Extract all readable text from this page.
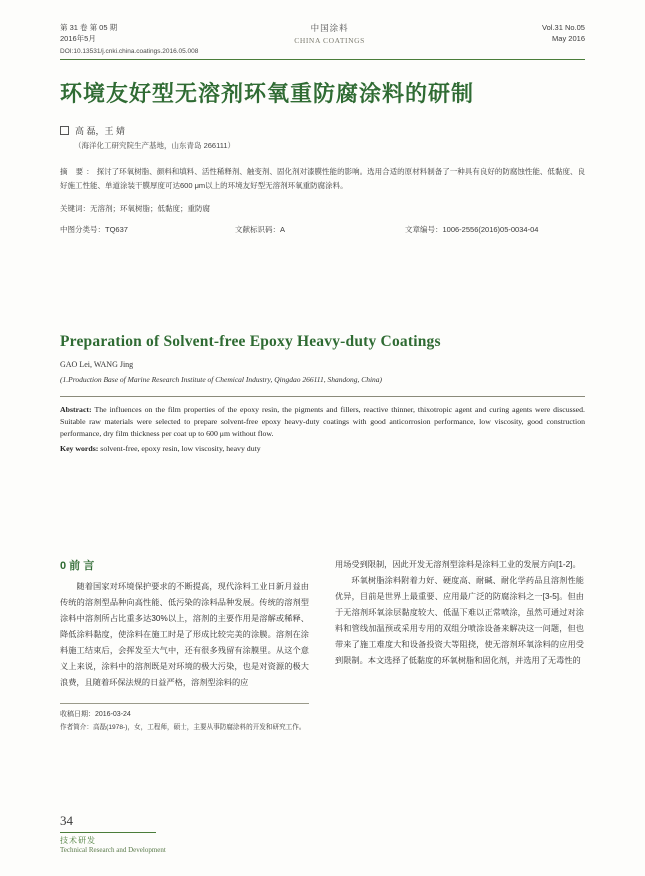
第 31 卷 第 05 期
2016年5月
中国涂料
CHINA COATINGS
Vol.31 No.05
May 2016
DOI:10.13531/j.cnki.china.coatings.2016.05.008
环境友好型无溶剂环氧重防腐涂料的研制
高 磊，王 婧
（海洋化工研究院生产基地，山东青岛 266111）
摘 要：探讨了环氧树脂、颜料和填料、活性稀释剂、触变剂、固化剂对漆膜性能的影响。选用合适的原材料制备了一种具有良好的防腐蚀性能、低黏度、良好施工性能、单道涂装干膜厚度可达600 μm以上的环境友好型无溶剂环氧重防腐涂料。
关键词：无溶剂；环氧树脂；低黏度；重防腐
中图分类号：TQ637	文献标识码：A	文章编号：1006-2556(2016)05-0034-04
Preparation of Solvent-free Epoxy Heavy-duty Coatings
GAO Lei, WANG Jing
(1.Production Base of Marine Research Institute of Chemical Industry, Qingdao 266111, Shandong, China)
Abstract: The influences on the film properties of the epoxy resin, the pigments and fillers, reactive thinner, thixotropic agent and curing agents were discussed. Suitable raw materials were selected to prepare solvent-free epoxy heavy-duty coatings with good anticorrosion performance, low viscosity, good construction performance, dry film thickness per coat up to 600 μm without flow.
Key words: solvent-free, epoxy resin, low viscosity, heavy duty
0 前 言
随着国家对环境保护要求的不断提高，现代涂料工业日新月益由传统的溶剂型品种向高性能、低污染的涂料品种发展。传统的溶剂型涂料中溶剂所占比重多达30%以上，溶剂的主要作用是溶解或稀释、降低涂料黏度，使涂料在施工时是了形成比较完美的涂膜。溶剂在涂料施工结束后，会挥发至大气中，还有很多残留有涂膜里。从这个意义上来说，涂料中的溶剂既是对环境的极大污染，也是对资源的极大浪费，且随着环保法规的日益严格，溶剂型涂料的应
收稿日期：2016-03-24
作者简介：高磊(1978-)，女，工程师，硕士，主要从事防腐涂料的开发和研究工作。
用场受到限制，因此开发无溶剂型涂料是涂料工业的发展方向[1-2]。
环氧树脂涂料附着力好、硬度高、耐碱、耐化学药品且溶剂性能优异，目前是世界上最重要、应用最广泛的防腐涂料之一[3-5]。但由于无溶剂环氧涂层黏度较大、低温下难以正常喷涂，虽然可通过对涂料和管线加温预或采用专用的双组分喷涂设备来解决这一问题，但也带来了施工难度大和设备投资大等阻挠，使无溶剂环氧涂料的应用受到限制。本文选择了低黏度的环氧树脂和固化剂，并选用了无毒性的
34
技术研发
Technical Research and Development
